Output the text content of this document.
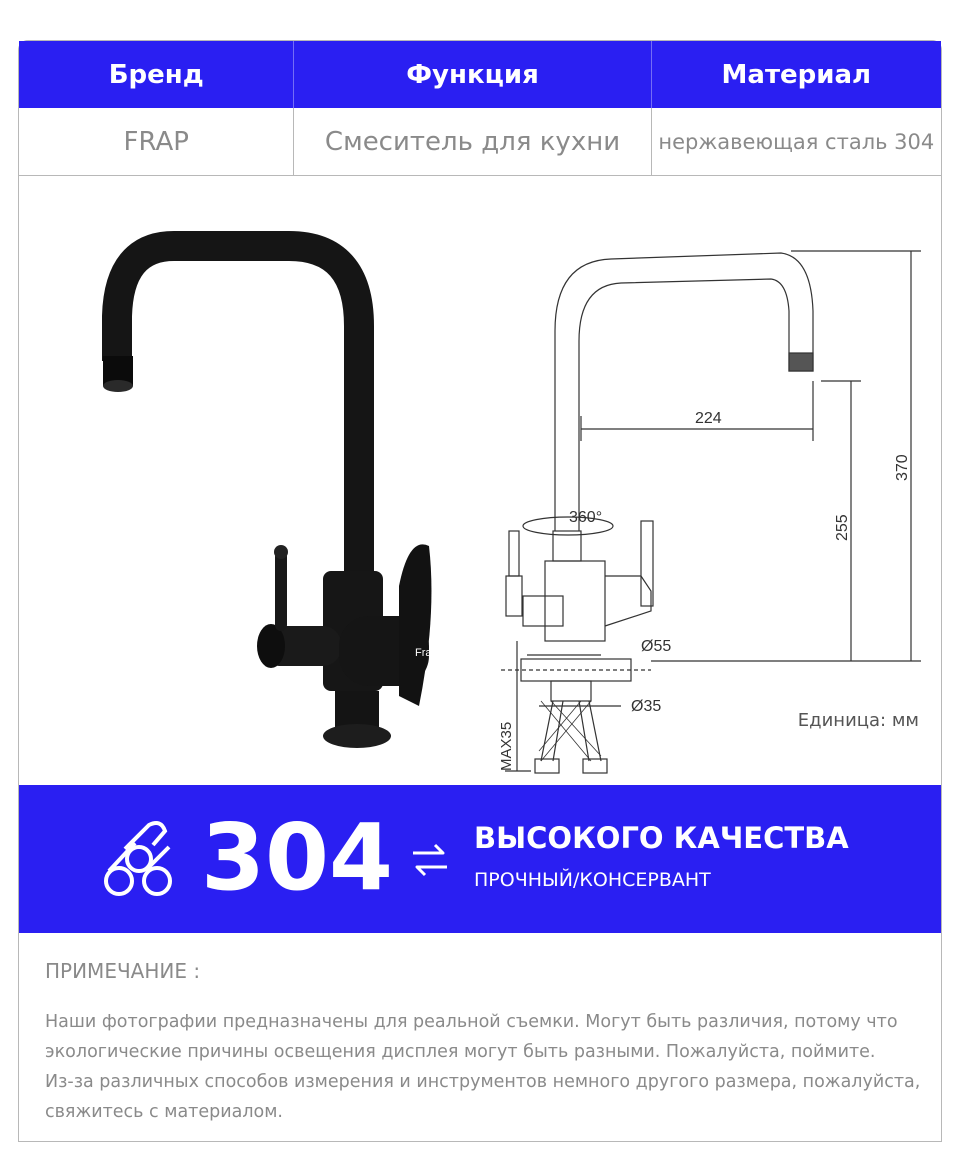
Бренд	Функция	Материал
FRAP	Смеситель для кухни	нержавеющая сталь 304
Frap
224
360°
Ø55
Ø35
255
370
MAX35
Единица: мм
304	ВЫСОКОГО КАЧЕСТВА
ПРОЧНЫЙ/КОНСЕРВАНТ
ПРИМЕЧАНИЕ :

Наши фотографии предназначены для реальной съемки. Могут быть различия, потому что

экологические причины освещения дисплея могут быть разными. Пожалуйста, поймите.

Из-за различных способов измерения и инструментов немного другого размера, пожалуйста,

свяжитесь с материалом.
